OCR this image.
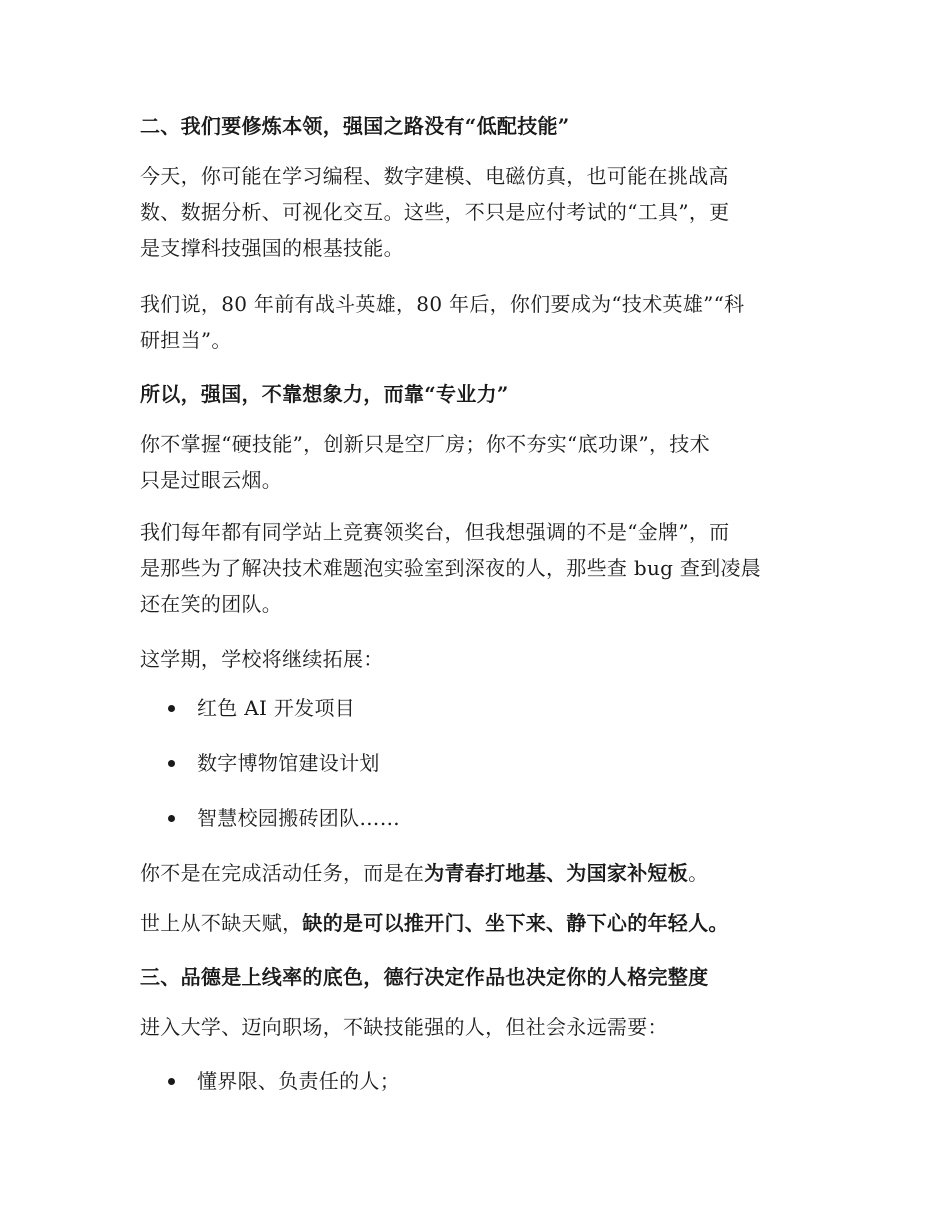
二、我们要修炼本领，强国之路没有“低配技能”
今天，你可能在学习编程、数字建模、电磁仿真，也可能在挑战高
数、数据分析、可视化交互。这些，不只是应付考试的“工具”，更
是支撑科技强国的根基技能。
我们说，80 年前有战斗英雄，80 年后，你们要成为“技术英雄”“科
研担当”。
所以，强国，不靠想象力，而靠“专业力”
你不掌握“硬技能”，创新只是空厂房；你不夯实“底功课”，技术
只是过眼云烟。
我们每年都有同学站上竞赛领奖台，但我想强调的不是“金牌”，而
是那些为了解决技术难题泡实验室到深夜的人，那些查 bug 查到凌晨
还在笑的团队。
这学期，学校将继续拓展：
红色 AI 开发项目
数字博物馆建设计划
智慧校园搬砖团队……
你不是在完成活动任务，而是在为青春打地基、为国家补短板。
世上从不缺天赋，缺的是可以推开门、坐下来、静下心的年轻人。
三、品德是上线率的底色，德行决定作品也决定你的人格完整度
进入大学、迈向职场，不缺技能强的人，但社会永远需要：
懂界限、负责任的人；
